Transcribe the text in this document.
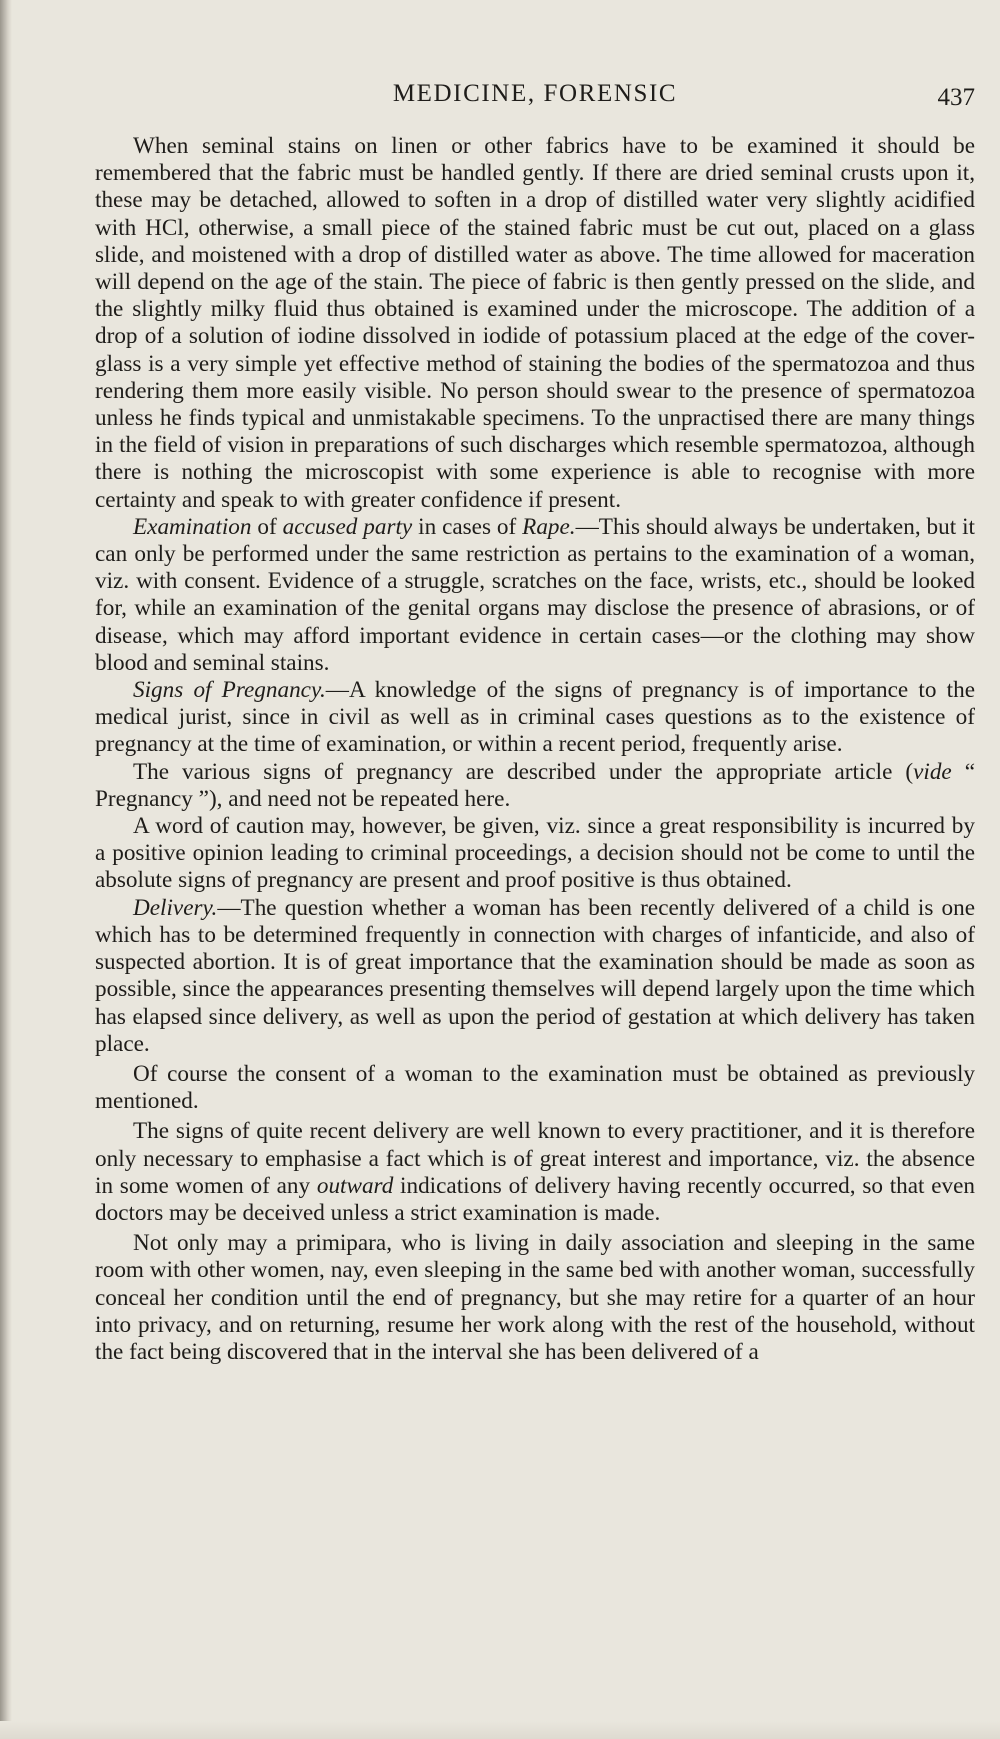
MEDICINE, FORENSIC	437

When seminal stains on linen or other fabrics have to be examined it should be remembered that the fabric must be handled gently. If there are dried seminal crusts upon it, these may be detached, allowed to soften in a drop of distilled water very slightly acidified with HCl, otherwise, a small piece of the stained fabric must be cut out, placed on a glass slide, and moistened with a drop of distilled water as above. The time allowed for maceration will depend on the age of the stain. The piece of fabric is then gently pressed on the slide, and the slightly milky fluid thus obtained is examined under the microscope. The addition of a drop of a solution of iodine dissolved in iodide of potassium placed at the edge of the cover-glass is a very simple yet effective method of staining the bodies of the spermatozoa and thus rendering them more easily visible. No person should swear to the presence of spermatozoa unless he finds typical and unmistakable specimens. To the unpractised there are many things in the field of vision in preparations of such discharges which resemble spermatozoa, although there is nothing the microscopist with some experience is able to recognise with more certainty and speak to with greater confidence if present.

Examination of accused party in cases of Rape.—This should always be undertaken, but it can only be performed under the same restriction as pertains to the examination of a woman, viz. with consent. Evidence of a struggle, scratches on the face, wrists, etc., should be looked for, while an examination of the genital organs may disclose the presence of abrasions, or of disease, which may afford important evidence in certain cases—or the clothing may show blood and seminal stains.

Signs of Pregnancy.—A knowledge of the signs of pregnancy is of importance to the medical jurist, since in civil as well as in criminal cases questions as to the existence of pregnancy at the time of examination, or within a recent period, frequently arise.

The various signs of pregnancy are described under the appropriate article (vide “ Pregnancy ”), and need not be repeated here.

A word of caution may, however, be given, viz. since a great responsibility is incurred by a positive opinion leading to criminal proceedings, a decision should not be come to until the absolute signs of pregnancy are present and proof positive is thus obtained.

Delivery.—The question whether a woman has been recently delivered of a child is one which has to be determined frequently in connection with charges of infanticide, and also of suspected abortion. It is of great importance that the examination should be made as soon as possible, since the appearances presenting themselves will depend largely upon the time which has elapsed since delivery, as well as upon the period of gestation at which delivery has taken place.

Of course the consent of a woman to the examination must be obtained as previously mentioned.

The signs of quite recent delivery are well known to every practitioner, and it is therefore only necessary to emphasise a fact which is of great interest and importance, viz. the absence in some women of any outward indications of delivery having recently occurred, so that even doctors may be deceived unless a strict examination is made.

Not only may a primipara, who is living in daily association and sleeping in the same room with other women, nay, even sleeping in the same bed with another woman, successfully conceal her condition until the end of pregnancy, but she may retire for a quarter of an hour into privacy, and on returning, resume her work along with the rest of the household, without the fact being discovered that in the interval she has been delivered of a
